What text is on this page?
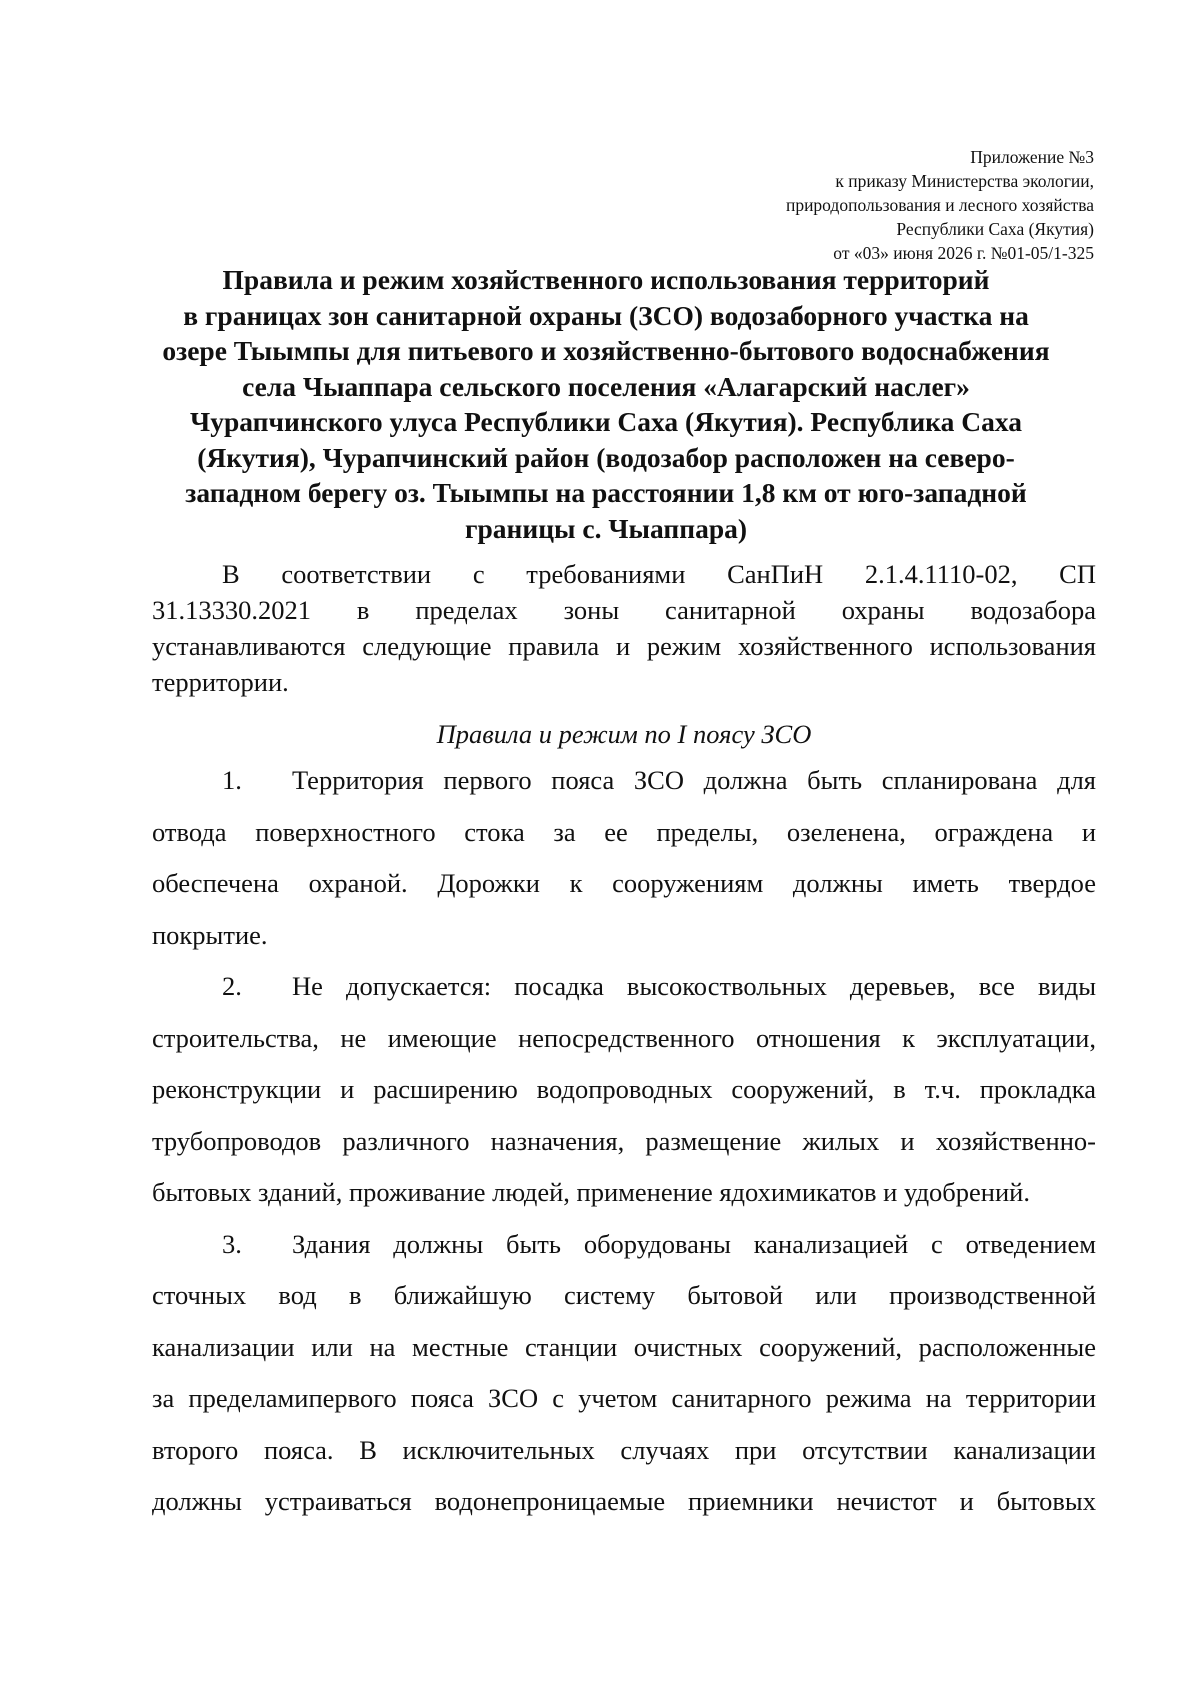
Приложение №3
к приказу Министерства экологии,
природопользования и лесного хозяйства
Республики Саха (Якутия)
от «03» июня 2026 г. №01-05/1-325
Правила и режим хозяйственного использования территорий
в границах зон санитарной охраны (ЗСО) водозаборного участка на
озере Тыымпы для питьевого и хозяйственно-бытового водоснабжения
села Чыаппара сельского поселения «Алагарский наслег»
Чурапчинского улуса Республики Саха (Якутия). Республика Саха
(Якутия), Чурапчинский район (водозабор расположен на северо-
западном берегу оз. Тыымпы на расстоянии 1,8 км от юго-западной
границы с. Чыаппара)
В соответствии с требованиями СанПиН 2.1.4.1110-02, СП
31.13330.2021 в пределах зоны санитарной охраны водозабора
устанавливаются следующие правила и режим хозяйственного использования
территории.
Правила и режим по I поясу ЗСО
1. Территория первого пояса ЗСО должна быть спланирована для
отвода поверхностного стока за ее пределы, озеленена, ограждена и
обеспечена охраной. Дорожки к сооружениям должны иметь твердое
покрытие.
2. Не допускается: посадка высокоствольных деревьев, все виды
строительства, не имеющие непосредственного отношения к эксплуатации,
реконструкции и расширению водопроводных сооружений, в т.ч. прокладка
трубопроводов различного назначения, размещение жилых и хозяйственно-
бытовых зданий, проживание людей, применение ядохимикатов и удобрений.
3. Здания должны быть оборудованы канализацией с отведением
сточных вод в ближайшую систему бытовой или производственной
канализации или на местные станции очистных сооружений, расположенные
за пределамипервого пояса ЗСО с учетом санитарного режима на территории
второго пояса. В исключительных случаях при отсутствии канализации
должны устраиваться водонепроницаемые приемники нечистот и бытовых
